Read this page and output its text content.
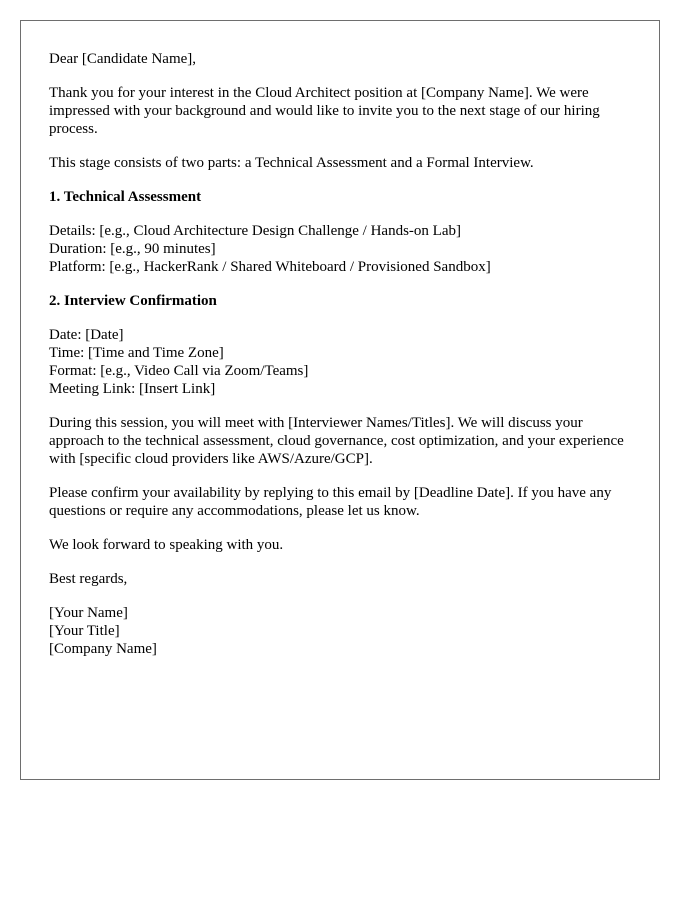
Dear [Candidate Name],

Thank you for your interest in the Cloud Architect position at [Company Name]. We were impressed with your background and would like to invite you to the next stage of our hiring process.

This stage consists of two parts: a Technical Assessment and a Formal Interview.

1. Technical Assessment

Details: [e.g., Cloud Architecture Design Challenge / Hands-on Lab]
Duration: [e.g., 90 minutes]
Platform: [e.g., HackerRank / Shared Whiteboard / Provisioned Sandbox]

2. Interview Confirmation

Date: [Date]
Time: [Time and Time Zone]
Format: [e.g., Video Call via Zoom/Teams]
Meeting Link: [Insert Link]

During this session, you will meet with [Interviewer Names/Titles]. We will discuss your approach to the technical assessment, cloud governance, cost optimization, and your experience with [specific cloud providers like AWS/Azure/GCP].

Please confirm your availability by replying to this email by [Deadline Date]. If you have any questions or require any accommodations, please let us know.

We look forward to speaking with you.

Best regards,

[Your Name]
[Your Title]
[Company Name]
